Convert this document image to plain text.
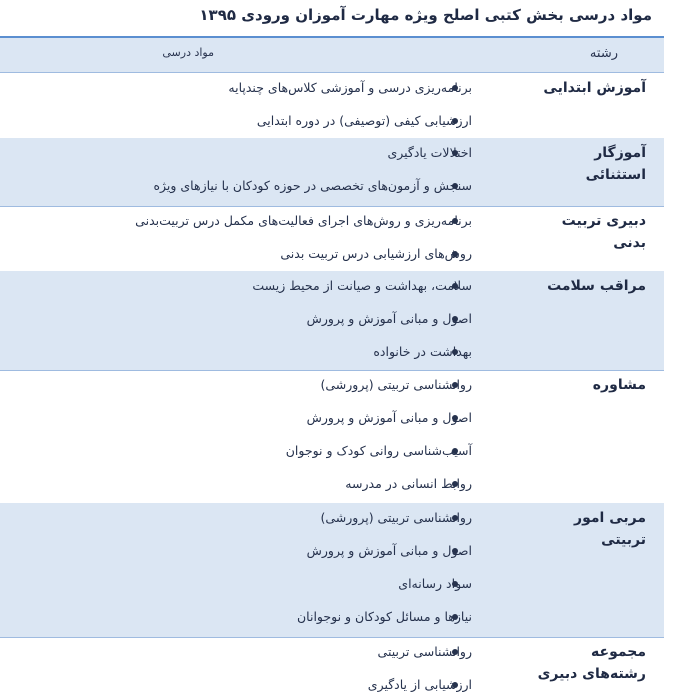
مواد درسی بخش کتبی اصلح ویژه مهارت آموزان ورودی ۱۳۹۵
رشته
مواد درسی
آموزش ابتدایی
برنامه‌ریزی درسی و آموزشی کلاس‌های چندپایه
ارزشیابی کیفی (توصیفی) در دوره ابتدایی
آموزگار استثنائی
اختلالات یادگیری
سنجش و آزمون‌های تخصصی در حوزه کودکان با نیازهای ویژه
دبیری تربیت بدنی
برنامه‌ریزی و روش‌های اجرای فعالیت‌های مکمل درس تربیت‌بدنی
روش‌های ارزشیابی درس تربیت بدنی
مراقب سلامت
سلامت، بهداشت و صیانت از محیط زیست
اصول و مبانی آموزش و پرورش
بهداشت در خانواده
مشاوره
روانشناسی تربیتی (پرورشی)
اصول و مبانی آموزش و پرورش
آسیب‌شناسی روانی کودک و نوجوان
روابط انسانی در مدرسه
مربی امور تربیتی
روانشناسی تربیتی (پرورشی)
اصول و مبانی آموزش و پرورش
سواد رسانه‌ای
نیازها و مسائل کودکان و نوجوانان
مجموعه رشته‌های دبیری
روانشناسی تربیتی
ارزشیابی از یادگیری
